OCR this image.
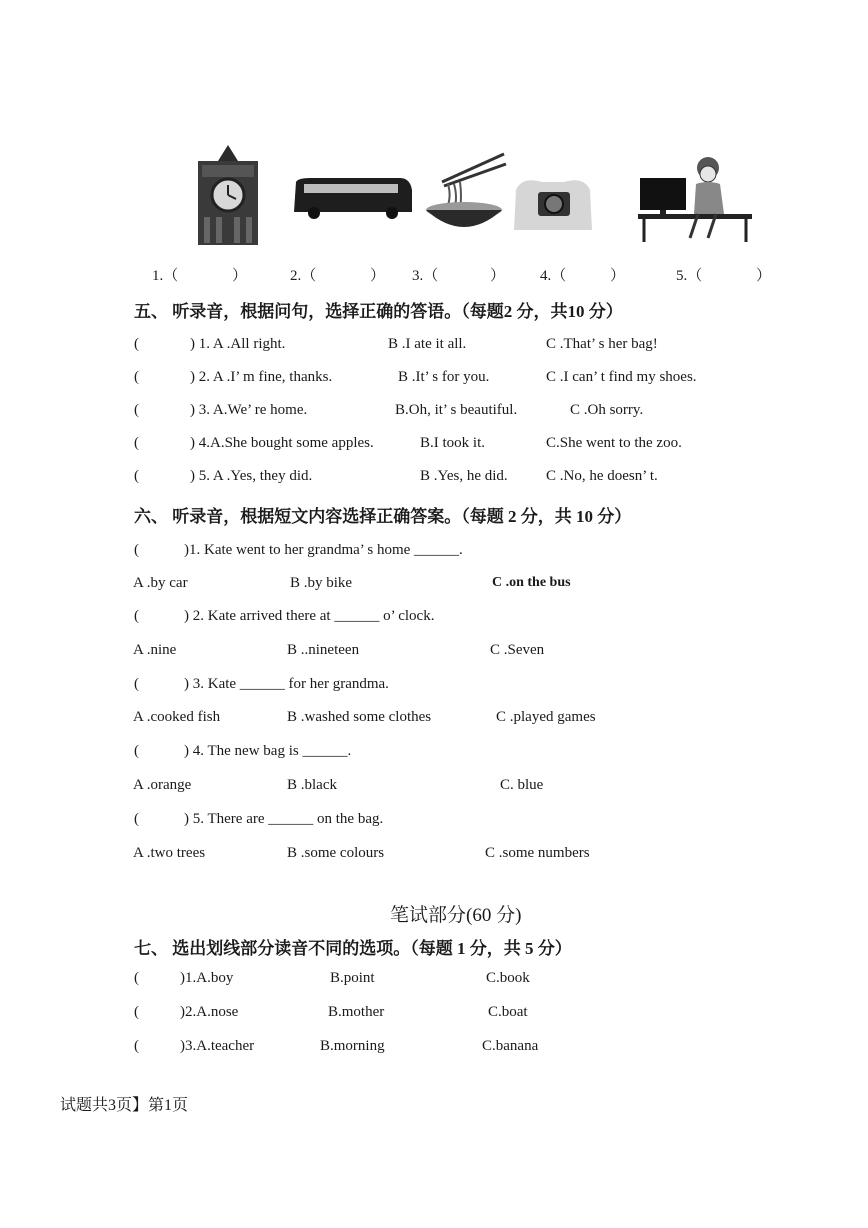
1.（	）	2.（	） 3.（	） 4.（	）	5.（	）
五、 听录音，根据问句，选择正确的答语。（每题2 分，共10 分）
(	) 1. A .All right.	B .I ate it all.	C .That’ s her bag!
(	) 2. A .I’ m fine, thanks.	B .It’ s for you.	C .I can’ t find my shoes.
(	) 3. A.We’ re home.	B.Oh, it’ s beautiful.	C .Oh sorry.
(	) 4.A.She bought some apples.	B.I took it.	C.She went to the zoo.
(	) 5. A .Yes, they did.	B .Yes, he did.	C .No, he doesn’ t.
六、 听录音，根据短文内容选择正确答案。（每题 2 分，共 10 分）
(	)1. Kate went to her grandma’ s home ______.
A .by car	B .by bike	C .on the bus
(	) 2. Kate arrived there at ______ o’ clock.
A .nine	B ..nineteen	C .Seven
(	) 3. Kate ______ for her grandma.
A .cooked fish	B .washed some clothes	C .played games
(	) 4. The new bag is ______.
A .orange	B .black	C. blue
(	) 5. There are ______ on the bag.
A .two trees	B .some colours	C .some numbers
笔试部分(60 分)
七、 选出划线部分读音不同的选项。（每题 1 分，共 5 分）
(	)1.A.boy	B.point	C.book
(	)2.A.nose	B.mother	C.boat
(	)3.A.teacher	B.morning	C.banana
试题共3页】第1页
